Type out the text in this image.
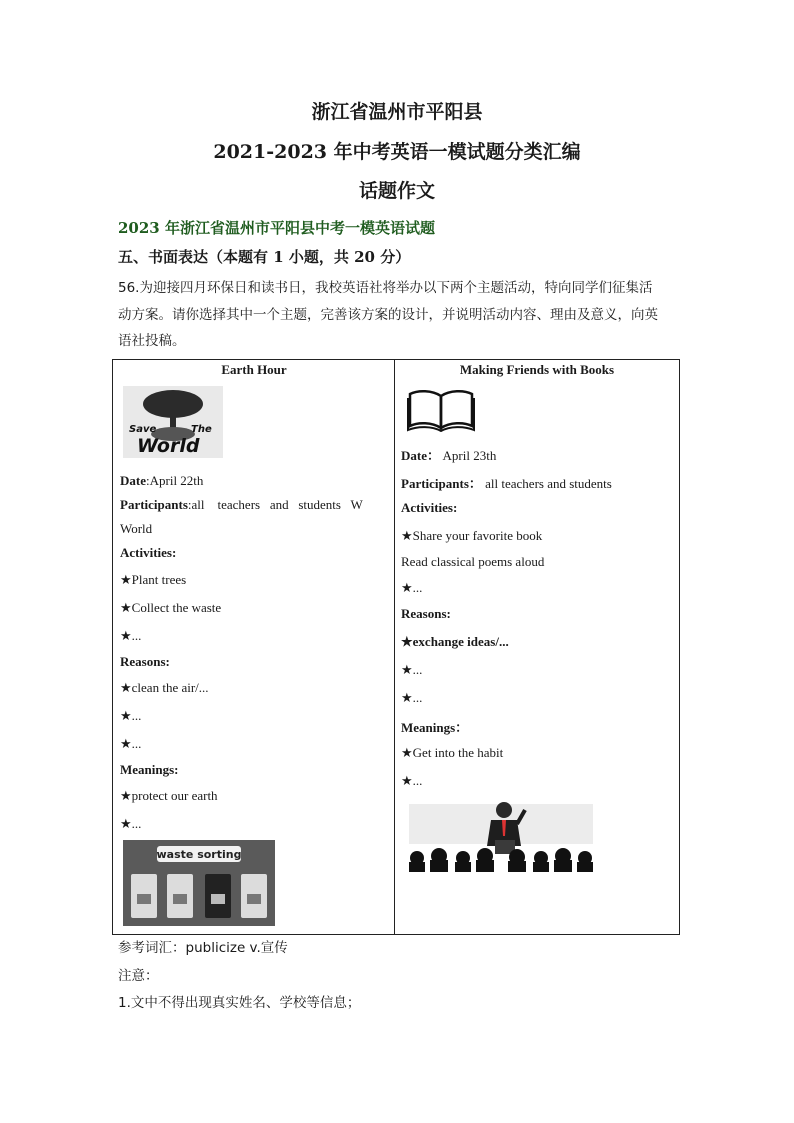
浙江省温州市平阳县
2021-2023 年中考英语一模试题分类汇编
话题作文
2023 年浙江省温州市平阳县中考一模英语试题
五、书面表达（本题有 1 小题，共 20 分）
56.为迎接四月环保日和读书日，我校英语社将举办以下两个主题活动，特向同学们征集活
动方案。请你选择其中一个主题，完善该方案的设计，并说明活动内容、理由及意义，向英
语社投稿。
Earth Hour
Save	The
World
Date:April 22th
Participants:all    teachers   and   students   W
World
Activities:
★Plant trees
★Collect the waste
★...
Reasons:
★clean the air/...
★...
★...
Meanings:
★protect our earth
★...
waste sorting
Making Friends with Books
Date： April 23th
Participants： all teachers and students
Activities:
★Share your favorite book
Read classical poems aloud
★...
Reasons:
★exchange ideas/...
★...
★...
Meanings：
★Get into the habit
★...
参考词汇：publicize v.宣传
注意：
1.文中不得出现真实姓名、学校等信息；
